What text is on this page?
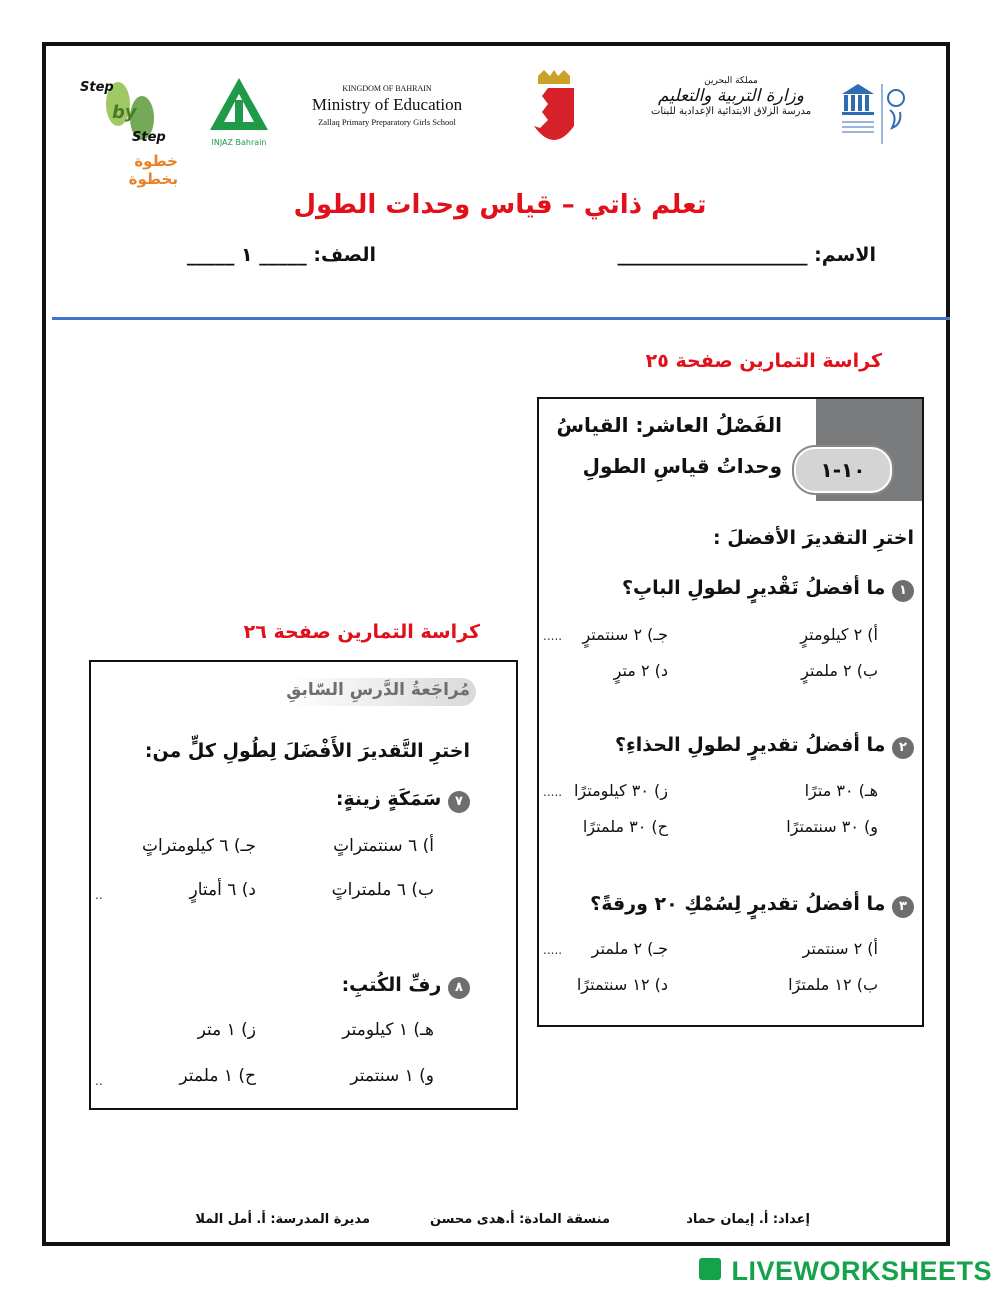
Step
by
Step
خطوة بخطوة
INJAZ Bahrain
KINGDOM OF BAHRAIN
Ministry of Education
Zallaq Primary Preparatory Girls School
مملكة البحرين
وزارة التربية والتعليم
مدرسة الزلاق الابتدائية الإعدادية للبنات
تعلم ذاتي – قياس وحدات الطول
الاسم: ____________________
الصف: _____ ١ _____
كراسة التمارين صفحة ٢٥
الفَصْلُ العاشر: القياسُ
وحداتُ قياسِ الطولِ	١٠-١
اخترِ التقديرَ الأفضلَ :
١ ما أفضلُ تَقْديرٍ لطولِ البابِ؟
أ) ٢ كيلومترٍ
جـ) ٢ سنتمترٍ
.....
ب) ٢ ملمترٍ
د) ٢ مترٍ
٢ ما أفضلُ تقديرٍ لطولِ الحذاءِ؟
هـ) ٣٠ مترًا
ز) ٣٠ كيلومترًا
.....
و) ٣٠ سنتمترًا
ح) ٣٠ ملمترًا
٣ ما أفضلُ تقديرٍ لِسُمْكِ ٢٠ ورقةً؟
أ) ٢ سنتمتر
جـ) ٢ ملمتر
.....
ب) ١٢ ملمترًا
د) ١٢ سنتمترًا
كراسة التمارين صفحة ٢٦
مُراجَعةُ الدَّرسِ السّابقِ
اخترِ التَّقديرَ الأَفْضَلَ لِطُولِ كلٍّ من:
٧ سَمَكَةٍ زينةٍ:
أ) ٦ سنتمتراتٍ
جـ) ٦ كيلومتراتٍ
ب) ٦ ملمتراتٍ
د) ٦ أمتارٍ
..
٨ رفِّ الكُتبِ:
هـ) ١ كيلومتر
ز) ١ متر
و) ١ سنتمتر
ح) ١ ملمتر
..
إعداد: أ. إيمان حماد
منسقة المادة: أ.هدى محسن
مديرة المدرسة: أ. أمل الملا
LIVEWORKSHEETS
